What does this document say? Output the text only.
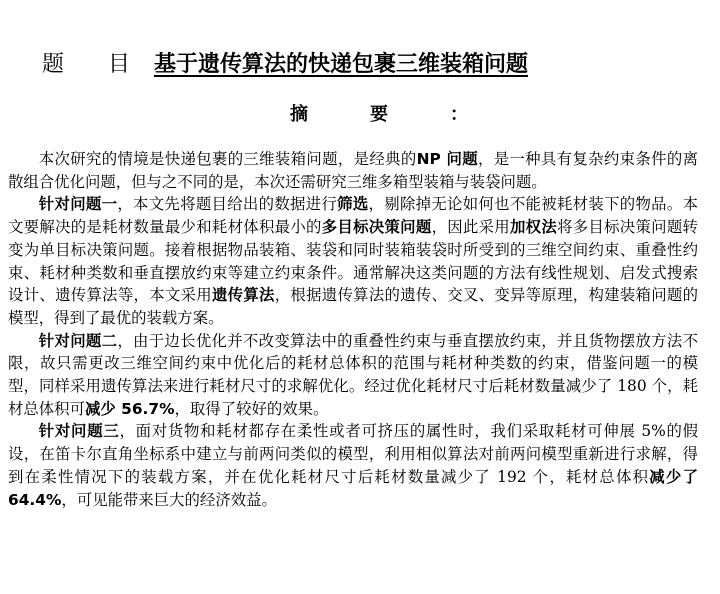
题目基于遗传算法的快递包裹三维装箱问题
摘要：

本次研究的情境是快递包裹的三维装箱问题，是经典的NP 问题，是一种具有复杂约束条件的离散组合优化问题，但与之不同的是，本次还需研究三维多箱型装箱与装袋问题。

针对问题一，本文先将题目给出的数据进行筛选，剔除掉无论如何也不能被耗材装下的物品。本文要解决的是耗材数量最少和耗材体积最小的多目标决策问题，因此采用加权法将多目标决策问题转变为单目标决策问题。接着根据物品装箱、装袋和同时装箱装袋时所受到的三维空间约束、重叠性约束、耗材种类数和垂直摆放约束等建立约束条件。通常解决这类问题的方法有线性规划、启发式搜索设计、遗传算法等，本文采用遗传算法，根据遗传算法的遗传、交叉、变异等原理，构建装箱问题的模型，得到了最优的装载方案。

针对问题二，由于边长优化并不改变算法中的重叠性约束与垂直摆放约束，并且货物摆放方法不限，故只需更改三维空间约束中优化后的耗材总体积的范围与耗材种类数的约束，借鉴问题一的模型，同样采用遗传算法来进行耗材尺寸的求解优化。经过优化耗材尺寸后耗材数量减少了 180 个，耗材总体积可减少 56.7%，取得了较好的效果。

针对问题三，面对货物和耗材都存在柔性或者可挤压的属性时，我们采取耗材可伸展 5%的假设，在笛卡尔直角坐标系中建立与前两问类似的模型，利用相似算法对前两问模型重新进行求解，得到在柔性情况下的装载方案，并在优化耗材尺寸后耗材数量减少了 192 个，耗材总体积减少了 64.4%，可见能带来巨大的经济效益。
